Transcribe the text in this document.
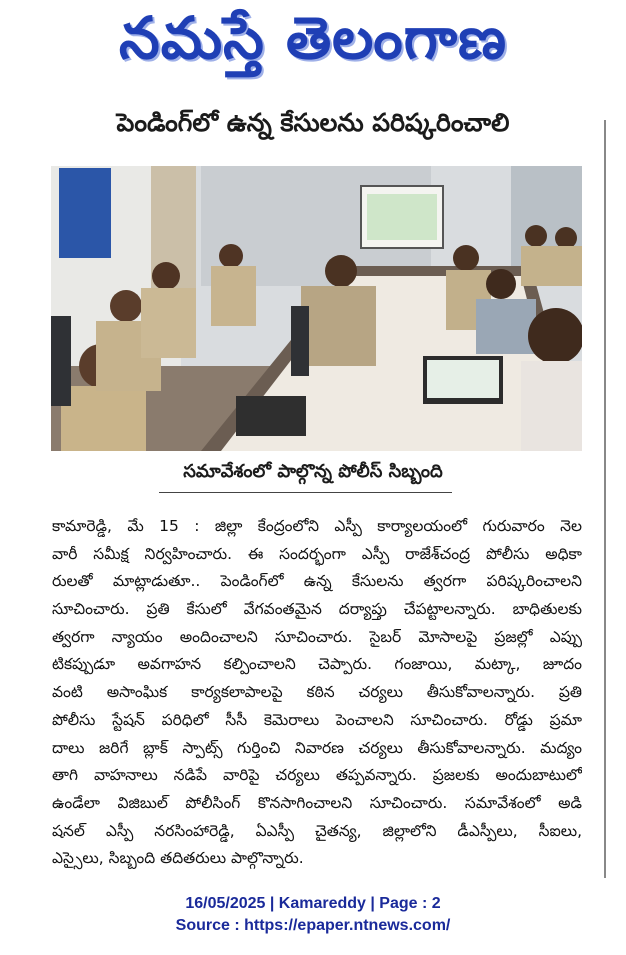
నమస్తే తెలంగాణ
పెండింగ్‌లో ఉన్న కేసులను పరిష్కరించాలి
సమావేశంలో పాల్గొన్న పోలీస్ సిబ్బంది
కామారెడ్డి, మే 15 : జిల్లా కేంద్రంలోని ఎస్పీ కార్యాలయంలో గురువారం నెల
వారీ సమీక్ష నిర్వహించారు. ఈ సందర్భంగా ఎస్పీ రాజేశ్‌చంద్ర పోలీసు అధికా
రులతో మాట్లాడుతూ.. పెండింగ్‌లో ఉన్న కేసులను త్వరగా పరిష్కరించాలని
సూచించారు. ప్రతి కేసులో వేగవంతమైన దర్యాప్తు చేపట్టాలన్నారు. బాధితులకు
త్వరగా న్యాయం అందించాలని సూచించారు. సైబర్ మోసాలపై ప్రజల్లో ఎప్పు
టికప్పుడూ అవగాహన కల్పించాలని చెప్పారు. గంజాయి, మట్కా, జూదం
వంటి అసాంఘిక కార్యకలాపాలపై కఠిన చర్యలు తీసుకోవాలన్నారు. ప్రతి
పోలీసు స్టేషన్ పరిధిలో సీసీ కెమెరాలు పెంచాలని సూచించారు. రోడ్డు ప్రమా
దాలు జరిగే బ్లాక్ స్పాట్స్ గుర్తించి నివారణ చర్యలు తీసుకోవాలన్నారు. మద్యం
తాగి వాహనాలు నడిపే వారిపై చర్యలు తప్పవన్నారు. ప్రజలకు అందుబాటులో
ఉండేలా విజిబుల్ పోలీసింగ్ కొనసాగించాలని సూచించారు. సమావేశంలో అడి
షనల్ ఎస్పీ నరసింహారెడ్డి, ఏఎస్పీ చైతన్య, జిల్లాలోని డీఎస్పీలు, సీఐలు,
ఎస్సైలు, సిబ్బంది తదితరులు పాల్గొన్నారు.
16/05/2025 | Kamareddy | Page : 2
Source : https://epaper.ntnews.com/
